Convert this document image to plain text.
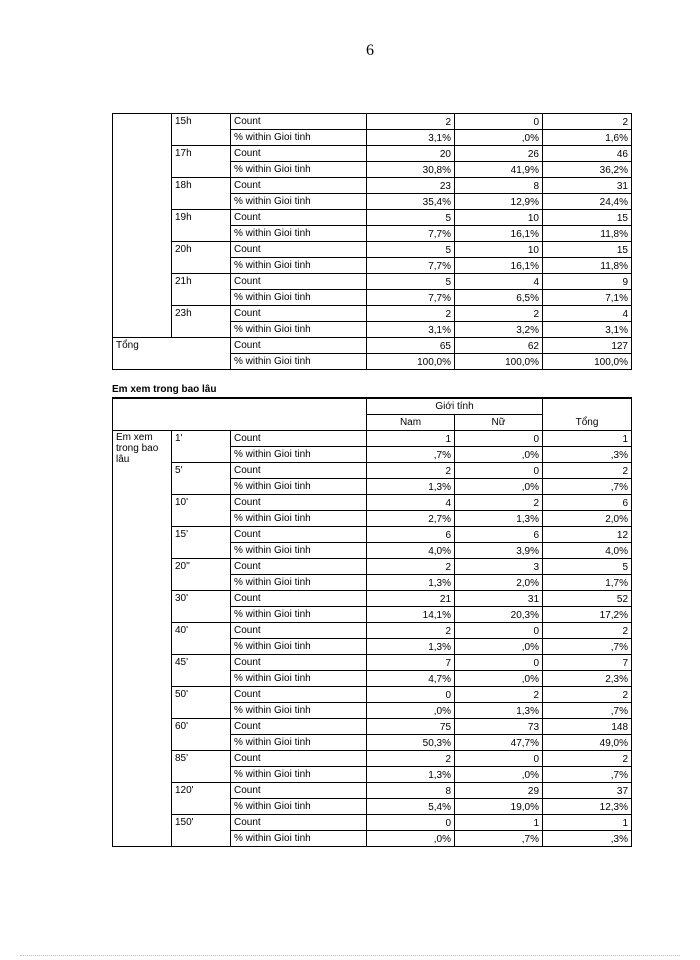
6
	15h	Count	2	0	2
		% within Gioi tinh	3,1%	,0%	1,6%
	17h	Count	20	26	46
		% within Gioi tinh	30,8%	41,9%	36,2%
	18h	Count	23	8	31
		% within Gioi tinh	35,4%	12,9%	24,4%
	19h	Count	5	10	15
		% within Gioi tinh	7,7%	16,1%	11,8%
	20h	Count	5	10	15
		% within Gioi tinh	7,7%	16,1%	11,8%
	21h	Count	5	4	9
		% within Gioi tinh	7,7%	6,5%	7,1%
	23h	Count	2	2	4
		% within Gioi tinh	3,1%	3,2%	3,1%
Tổng		Count	65	62	127
		% within Gioi tinh	100,0%	100,0%	100,0%
Em xem trong bao lâu
			Giới tính		Tổng
			Nam	Nữ	
Em xem trong bao lâu	1'	Count	1	0	1
		% within Gioi tinh	,7%	,0%	,3%
	5'	Count	2	0	2
		% within Gioi tinh	1,3%	,0%	,7%
	10'	Count	4	2	6
		% within Gioi tinh	2,7%	1,3%	2,0%
	15'	Count	6	6	12
		% within Gioi tinh	4,0%	3,9%	4,0%
	20''	Count	2	3	5
		% within Gioi tinh	1,3%	2,0%	1,7%
	30'	Count	21	31	52
		% within Gioi tinh	14,1%	20,3%	17,2%
	40'	Count	2	0	2
		% within Gioi tinh	1,3%	,0%	,7%
	45'	Count	7	0	7
		% within Gioi tinh	4,7%	,0%	2,3%
	50'	Count	0	2	2
		% within Gioi tinh	,0%	1,3%	,7%
	60'	Count	75	73	148
		% within Gioi tinh	50,3%	47,7%	49,0%
	85'	Count	2	0	2
		% within Gioi tinh	1,3%	,0%	,7%
	120'	Count	8	29	37
		% within Gioi tinh	5,4%	19,0%	12,3%
	150'	Count	0	1	1
		% within Gioi tinh	,0%	,7%	,3%
